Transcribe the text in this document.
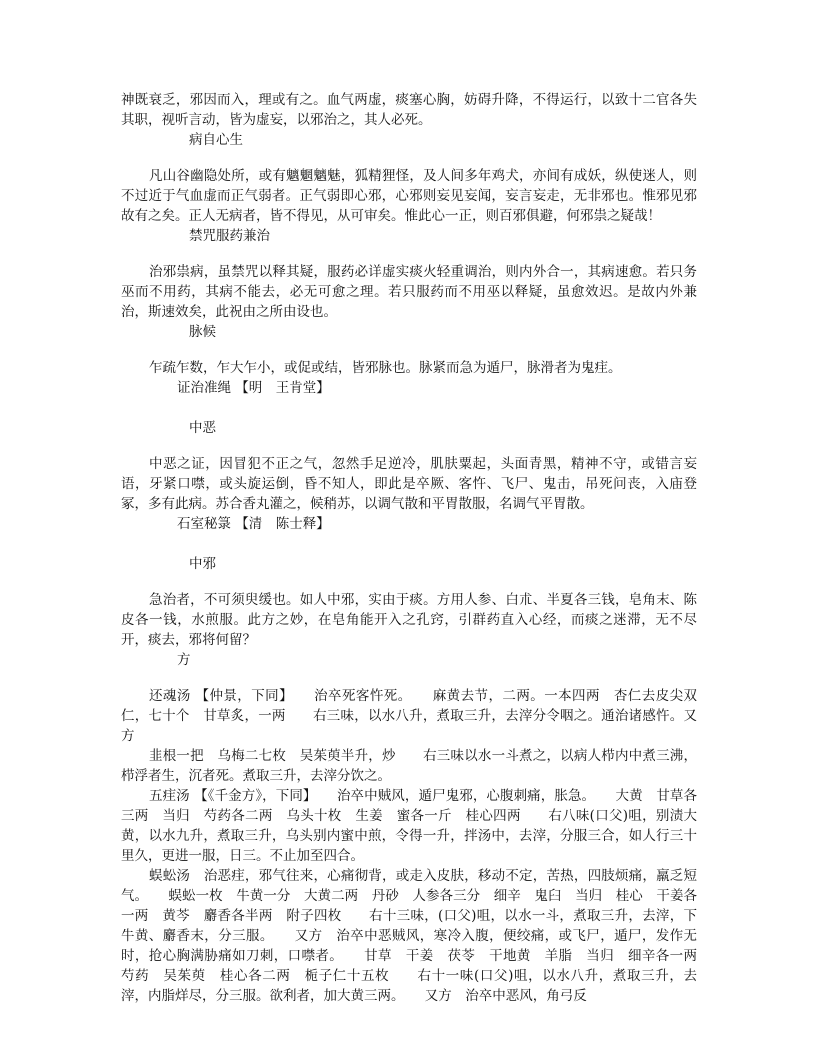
神既衰乏，邪因而入，理或有之。血气两虚，痰塞心胸，妨碍升降，不得运行，以致十二官各失其职，视听言动，皆为虚妄，以邪治之，其人必死。

病自心生

凡山谷幽隐处所，或有魑魍魑魅，狐精狸怪，及人间多年鸡犬，亦间有成妖，纵使迷人，则不过近于气血虚而正气弱者。正气弱即心邪，心邪则妄见妄闻，妄言妄走，无非邪也。惟邪见邪故有之矣。正人无病者，皆不得见，从可审矣。惟此心一正，则百邪俱避，何邪祟之疑哉！

禁咒服药兼治

治邪祟病，虽禁咒以释其疑，服药必详虚实痰火轻重调治，则内外合一，其病速愈。若只务巫而不用药，其病不能去，必无可愈之理。若只服药而不用巫以释疑，虽愈效迟。是故内外兼治，斯速效矣，此祝由之所由设也。

脉候

乍疏乍数，乍大乍小，或促或结，皆邪脉也。脉紧而急为遁尸，脉滑者为鬼疰。

证治准绳 【明　王肯堂】
中恶

中恶之证，因冒犯不正之气，忽然手足逆冷，肌肤粟起，头面青黑，精神不守，或错言妄语，牙紧口噤，或头旋运倒，昏不知人，即此是卒厥、客忤、飞尸、鬼击，吊死问丧，入庙登冢，多有此病。苏合香丸灌之，候稍苏，以调气散和平胃散服，名调气平胃散。

石室秘箓 【清　陈士释】
中邪

急治者，不可须臾缓也。如人中邪，实由于痰。方用人参、白朮、半夏各三钱，皂角末、陈皮各一钱，水煎服。此方之妙，在皂角能开入之孔窍，引群药直入心经，而痰之迷滞，无不尽开，痰去，邪将何留？

方

还魂汤 【仲景，下同】　　治卒死客忤死。　　麻黄去节，二两。一本四两　杏仁去皮尖双仁，七十个　甘草炙，一两　　右三味，以水八升，煮取三升，去滓分令咽之。通治诸感忤。又方

韭根一把　乌梅二七枚　吴茱萸半升，炒　　右三味以水一斗煮之，以病人栉内中煮三沸，栉浮者生，沉者死。煮取三升，去滓分饮之。

五疰汤 【《千金方》，下同】　　治卒中贼风，遁尸鬼邪，心腹刺痛，胀急。　　大黄　甘草各三两　当归　芍药各二两　乌头十枚　生姜　蜜各一斤　桂心四两　　右八味(口父)咀，别渍大黄，以水九升，煮取三升，乌头别内蜜中煎，令得一升，拌汤中，去滓，分服三合，如人行三十里久，更进一服，日三。不止加至四合。

蜈蚣汤　治恶疰，邪气往来，心痛彻背，或走入皮肤，移动不定，苦热，四肢烦痛，羸乏短气。　　蜈蚣一枚　牛黄一分　大黄二两　丹砂　人参各三分　细辛　鬼臼　当归　桂心　干姜各一两　黄芩　麝香各半两　附子四枚　　右十三味，(口父)咀，以水一斗，煮取三升，去滓，下牛黄、麝香末，分三服。　　又方　治卒中恶贼风，寒冷入腹，便绞痛，或飞尸，遁尸，发作无时，抢心胸满胁痛如刀刺，口噤者。　　甘草　干姜　茯苓　干地黄　羊脂　当归　细辛各一两　芍药　吴茱萸　桂心各二两　栀子仁十五枚　　右十一味(口父)咀，以水八升，煮取三升，去滓，内脂烊尽，分三服。欲利者，加大黄三两。　　又方　治卒中恶风，角弓反
